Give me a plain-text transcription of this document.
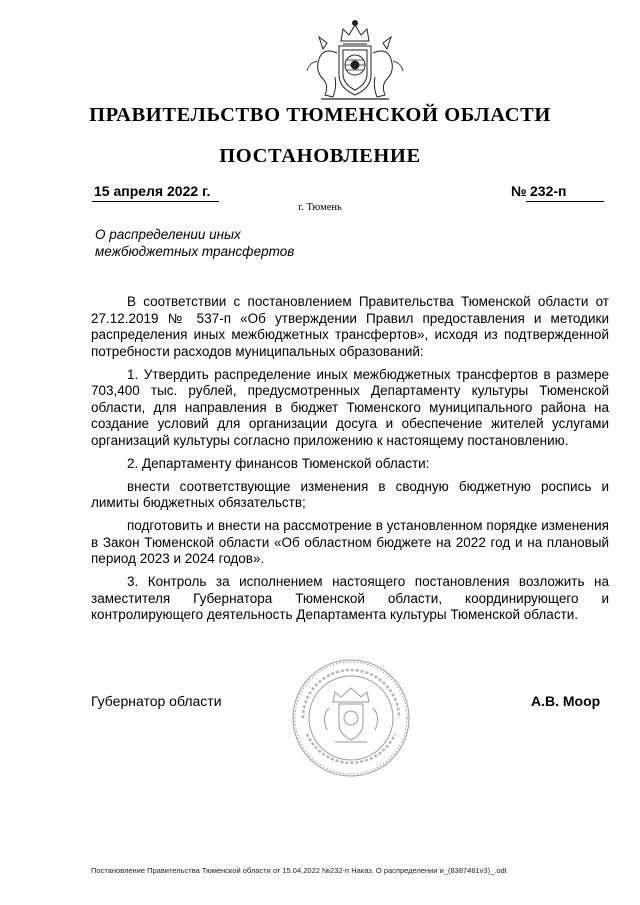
ПРАВИТЕЛЬСТВО ТЮМЕНСКОЙ ОБЛАСТИ
ПОСТАНОВЛЕНИЕ
15 апреля 2022 г.
г. Тюмень
№ 232-п
О распределении иных
межбюджетных трансфертов

В соответствии с постановлением Правительства Тюменской области от 27.12.2019 № 537-п «Об утверждении Правил предоставления и методики распределения иных межбюджетных трансфертов», исходя из подтвержденной потребности расходов муниципальных образований:

1. Утвердить распределение иных межбюджетных трансфертов в размере 703,400 тыс. рублей, предусмотренных Департаменту культуры Тюменской области, для направления в бюджет Тюменского муниципального района на создание условий для организации досуга и обеспечение жителей услугами организаций культуры согласно приложению к настоящему постановлению.

2. Департаменту финансов Тюменской области:

внести соответствующие изменения в сводную бюджетную роспись и лимиты бюджетных обязательств;

подготовить и внести на рассмотрение в установленном порядке изменения в Закон Тюменской области «Об областном бюджете на 2022 год и на плановый период 2023 и 2024 годов».

3. Контроль за исполнением настоящего постановления возложить на заместителя Губернатора Тюменской области, координирующего и контролирующего деятельность Департамента культуры Тюменской области.

Губернатор области	А.В. Моор
Постановление Правительства Тюменской области от 15.04.2022 №232-п Наказ. О распределении и_(8387461v3)_.odt
